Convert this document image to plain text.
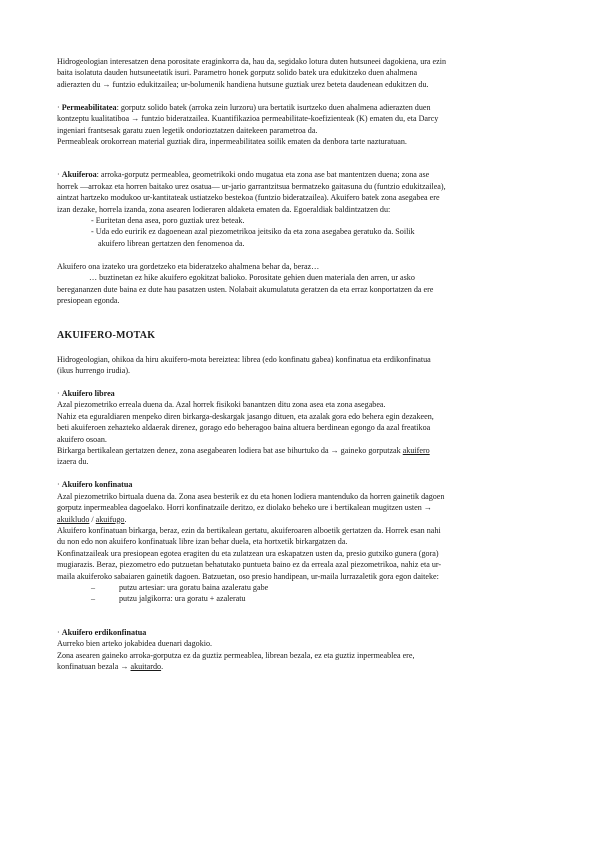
Hidrogeologian interesatzen dena porositate eraginkorra da, hau da, segidako lotura duten hutsuneei dagokiena, ura ezin

baita isolatuta dauden hutsuneetatik isuri. Parametro honek gorputz solido batek ura edukitzeko duen ahalmena

adierazten du → funtzio edukitzailea; ur-bolumenik handiena hutsune guztiak urez beteta daudenean edukitzen du.

· Permeabilitatea: gorputz solido batek (arroka zein lurzoru) ura bertatik isurtzeko duen ahalmena adierazten duen

kontzeptu kualitatiboa → funtzio bideratzailea. Kuantifikazioa permeabilitate-koefizienteak (K) ematen du, eta Darcy

ingeniari frantsesak garatu zuen legetik ondorioztatzen daitekeen parametroa da.

Permeableak orokorrean material guztiak dira, inpermeabilitatea soilik ematen da denbora tarte nazturatuan.

· Akuiferoa: arroka-gorputz permeablea, geometrikoki ondo mugatua eta zona ase bat mantentzen duena; zona ase

horrek —arrokaz eta horren baitako urez osatua— ur-jario garrantzitsua bermatzeko gaitasuna du (funtzio edukitzailea),

aintzat hartzeko modukoo ur-kantitateak ustiatzeko bestekoa (funtzio bideratzailea). Akuifero batek zona asegabea ere

izan dezake, horrela izanda, zona asearen lodieraren aldaketa ematen da. Egoeraldiak baldintzatzen du:

- Euritetan dena asea, poro guztiak urez beteak.

- Uda edo euririk ez dagoenean azal piezometrikoa jeitsiko da eta zona asegabea geratuko da. Soilik

akuifero librean gertatzen den fenomenoa da.

Akuifero ona izateko ura gordetzeko eta bideratzeko ahalmena behar da, beraz…

… buztinetan ez hike akuifero egokitzat balioko. Porositate gehien duen materiala den arren, ur asko

beregananzen dute baina ez dute hau pasatzen usten. Nolabait akumulatuta geratzen da eta erraz konportatzen da ere

presiopean egonda.

AKUIFERO-MOTAK

Hidrogeologian, ohikoa da hiru akuifero-mota bereiztea: librea (edo konfinatu gabea) konfinatua eta erdikonfinatua

(ikus hurrengo irudia).

· Akuifero librea

Azal piezometriko erreala duena da. Azal horrek fisikoki banantzen ditu zona asea eta zona asegabea.

Nahiz eta eguraldiaren menpeko diren birkarga-deskargak jasango dituen, eta azalak gora edo behera egin dezakeen,

beti akuiferoen zehazteko aldaerak direnez, gorago edo beheragoo baina altuera berdinean egongo da azal freatikoa

akuifero osoan.

Birkarga bertikalean gertatzen denez, zona asegabearen lodiera bat ase bihurtuko da → gaineko gorputzak akuifero

izaera du.

· Akuifero konfinatua

Azal piezometriko birtuala duena da. Zona asea besterik ez du eta honen lodiera mantenduko da horren gainetik dagoen

gorputz inpermeablea dagoelako. Horri konfinatzaile deritzo, ez diolako beheko ure i bertikalean mugitzen usten →

akuikludo / akuifugo.

Akuifero konfinatuan birkarga, beraz, ezin da bertikalean gertatu, akuiferoaren alboetik gertatzen da. Horrek esan nahi

du non edo non akuifero konfinatuak libre izan behar duela, eta hortxetik birkargatzen da.

Konfinatzaileak ura presiopean egotea eragiten du eta zulatzean ura eskapatzen usten da, presio gutxiko gunera (gora)

mugiarazis. Beraz, piezometro edo putzuetan behatutako puntueta baino ez da erreala azal piezometrikoa, nahiz eta ur-

maila akuiferoko sabaiaren gainetik dagoen. Batzuetan, oso presio handipean, ur-maila lurrazaletik gora egon daiteke:

–	putzu artesiar: ura goratu baina azaleratu gabe
–	putzu jalgikorra: ura goratu + azaleratu

· Akuifero erdikonfinatua

Aurreko bien arteko jokabidea duenari dagokio.

Zona asearen gaineko arroka-gorputza ez da guztiz permeablea, librean bezala, ez eta guztiz inpermeablea ere,

konfinatuan bezala → akuitardo.
